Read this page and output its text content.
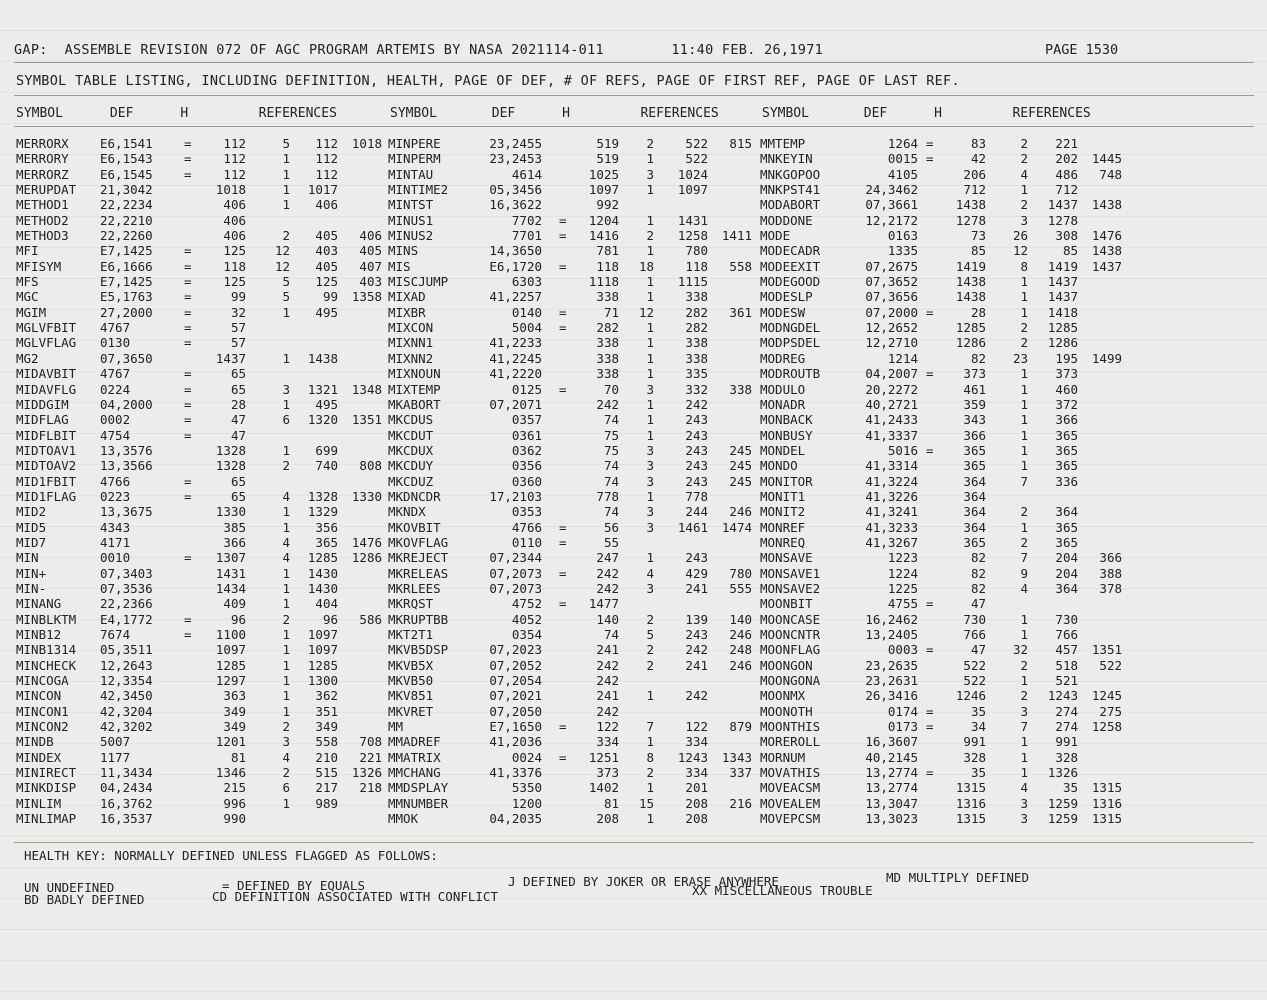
GAP:  ASSEMBLE REVISION 072 OF AGC PROGRAM ARTEMIS BY NASA 2021114-011        11:40 FEB. 26,1971	PAGE 1530
SYMBOL TABLE LISTING, INCLUDING DEFINITION, HEALTH, PAGE OF DEF, # OF REFS, PAGE OF FIRST REF, PAGE OF LAST REF.
SYMBOL      DEF      H         REFERENCES	SYMBOL       DEF      H         REFERENCES	SYMBOL       DEF      H         REFERENCES
MERRORX	E6,1541	=	112	5	112	1018 MINPERE	23,2455	519	2	522	815 MMTEMP	1264 =	83	2	221
MERRORY	E6,1543	=	112	1	112	MINPERM	23,2453	519	1	522	MNKEYIN	0015 =	42	2	202	1445
MERRORZ	E6,1545	=	112	1	112	MINTAU	4614	1025	3	1024	MNKGOPOO	4105	206	4	486	748
MERUPDAT 21,3042	1018	1	1017	MINTIME2	05,3456	1097	1	1097	MNKPST41	24,3462	712	1	712
METHOD1	22,2234	406	1	406	MINTST	16,3622	992	MODABORT	07,3661	1438	2	1437	1438
METHOD2	22,2210	406	MINUS1	7702 =	1204	1	1431	MODDONE	12,2172	1278	3	1278
METHOD3	22,2260	406	2	405	406 MINUS2	7701 =	1416	2	1258	1411 MODE	0163	73	26	308	1476
MFI	E7,1425	=	125	12	403	405 MINS	14,3650	781	1	780	MODECADR	1335	85	12	85	1438
MFISYM	E6,1666	=	118	12	405	407 MIS	E6,1720 =	118	18	118	558 MODEEXIT	07,2675	1419	8	1419	1437
MFS	E7,1425	=	125	5	125	403 MISCJUMP	6303	1118	1	1115	MODEGOOD	07,3652	1438	1	1437
MGC	E5,1763	=	99	5	99	1358 MIXAD	41,2257	338	1	338	MODESLP	07,3656	1438	1	1437
MGIM	27,2000	=	32	1	495	MIXBR	0140 =	71	12	282	361 MODESW	07,2000 =	28	1	1418
MGLVFBIT 4767	=	57	MIXCON	5004 =	282	1	282	MODNGDEL	12,2652	1285	2	1285
MGLVFLAG 0130	=	57	MIXNN1	41,2233	338	1	338	MODPSDEL	12,2710	1286	2	1286
MG2	07,3650	1437	1	1438	MIXNN2	41,2245	338	1	338	MODREG	1214	82	23	195	1499
MIDAVBIT 4767	=	65	MIXNOUN	41,2220	338	1	335	MODROUTB	04,2007 =	373	1	373
MIDAVFLG 0224	=	65	3	1321	1348 MIXTEMP	0125 =	70	3	332	338 MODULO	20,2272	461	1	460
MIDDGIM	04,2000	=	28	1	495	MKABORT	07,2071	242	1	242	MONADR	40,2721	359	1	372
MIDFLAG	0002	=	47	6	1320	1351 MKCDUS	0357	74	1	243	MONBACK	41,2433	343	1	366
MIDFLBIT 4754	=	47	MKCDUT	0361	75	1	243	MONBUSY	41,3337	366	1	365
MIDTOAV1 13,3576	1328	1	699	MKCDUX	0362	75	3	243	245 MONDEL	5016 =	365	1	365
MIDTOAV2 13,3566	1328	2	740	808 MKCDUY	0356	74	3	243	245 MONDO	41,3314	365	1	365
MID1FBIT 4766	=	65	MKCDUZ	0360	74	3	243	245 MONITOR	41,3224	364	7	336
MID1FLAG 0223	=	65	4	1328	1330 MKDNCDR	17,2103	778	1	778	MONIT1	41,3226	364
MID2	13,3675	1330	1	1329	MKNDX	0353	74	3	244	246 MONIT2	41,3241	364	2	364
MID5	4343	385	1	356	MKOVBIT	4766 =	56	3	1461	1474 MONREF	41,3233	364	1	365
MID7	4171	366	4	365	1476 MKOVFLAG	0110 =	55	MONREQ	41,3267	365	2	365
MIN	0010	=	1307	4	1285	1286 MKREJECT	07,2344	247	1	243	MONSAVE	1223	82	7	204	366
MIN+	07,3403	1431	1	1430	MKRELEAS	07,2073 =	242	4	429	780 MONSAVE1	1224	82	9	204	388
MIN-	07,3536	1434	1	1430	MKRLEES	07,2073	242	3	241	555 MONSAVE2	1225	82	4	364	378
MINANG	22,2366	409	1	404	MKRQST	4752 =	1477	MOONBIT	4755 =	47
MINBLKTM E4,1772	=	96	2	96	586 MKRUPTBB	4052	140	2	139	140 MOONCASE	16,2462	730	1	730
MINB12	7674	=	1100	1	1097	MKT2T1	0354	74	5	243	246 MOONCNTR	13,2405	766	1	766
MINB1314 05,3511	1097	1	1097	MKVB5DSP	07,2023	241	2	242	248 MOONFLAG	0003 =	47	32	457	1351
MINCHECK 12,2643	1285	1	1285	MKVB5X	07,2052	242	2	241	246 MOONGON	23,2635	522	2	518	522
MINCOGA	12,3354	1297	1	1300	MKVB50	07,2054	242	MOONGONA	23,2631	522	1	521
MINCON	42,3450	363	1	362	MKV851	07,2021	241	1	242	MOONMX	26,3416	1246	2	1243	1245
MINCON1	42,3204	349	1	351	MKVRET	07,2050	242	MOONOTH	0174 =	35	3	274	275
MINCON2	42,3202	349	2	349	MM	E7,1650 =	122	7	122	879 MOONTHIS	0173 =	34	7	274	1258
MINDB	5007	1201	3	558	708 MMADREF	41,2036	334	1	334	MOREROLL	16,3607	991	1	991
MINDEX	1177	81	4	210	221 MMATRIX	0024 =	1251	8	1243	1343 MORNUM	40,2145	328	1	328
MINIRECT 11,3434	1346	2	515	1326 MMCHANG	41,3376	373	2	334	337 MOVATHIS	13,2774 =	35	1	1326
MINKDISP 04,2434	215	6	217	218 MMDSPLAY	5350	1402	1	201	MOVEACSM	13,2774	1315	4	35	1315
MINLIM	16,3762	996	1	989	MMNUMBER	1200	81	15	208	216 MOVEALEM	13,3047	1316	3	1259	1316
MINLIMAP 16,3537	990	MMOK	04,2035	208	1	208	MOVEPCSM	13,3023	1315	3	1259	1315
HEALTH KEY: NORMALLY DEFINED UNLESS FLAGGED AS FOLLOWS:
UN UNDEFINED	= DEFINED BY EQUALS	J DEFINED BY JOKER OR ERASE ANYWHERE	MD MULTIPLY DEFINED
BD BADLY DEFINED	CD DEFINITION ASSOCIATED WITH CONFLICT	XX MISCELLANEOUS TROUBLE
